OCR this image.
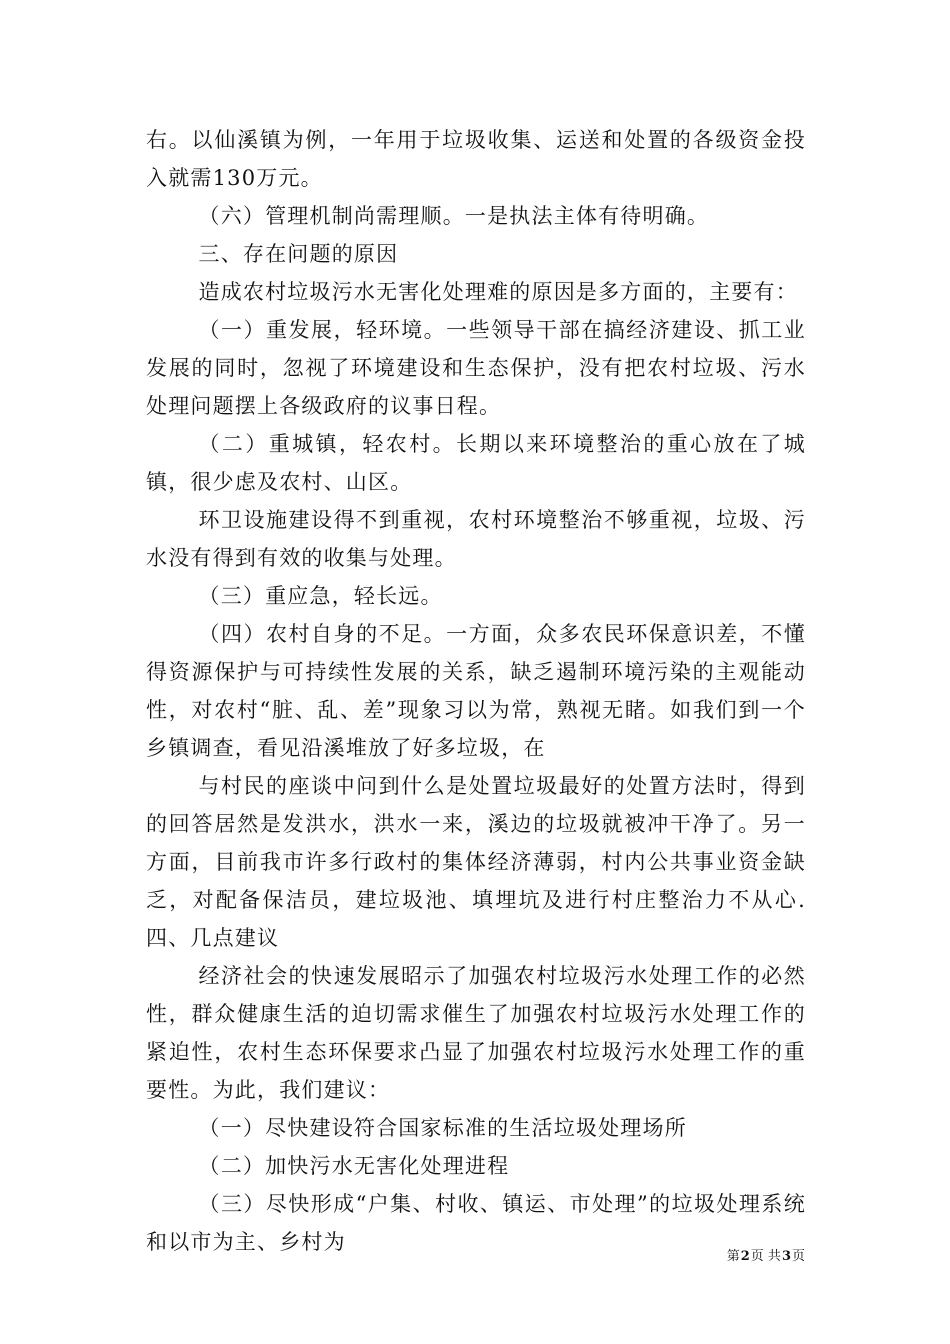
右。以仙溪镇为例，一年用于垃圾收集、运送和处置的各级资金投入就需130万元。

（六）管理机制尚需理顺。一是执法主体有待明确。

三、存在问题的原因

造成农村垃圾污水无害化处理难的原因是多方面的，主要有：

（一）重发展，轻环境。一些领导干部在搞经济建设、抓工业发展的同时，忽视了环境建设和生态保护，没有把农村垃圾、污水处理问题摆上各级政府的议事日程。

（二）重城镇，轻农村。长期以来环境整治的重心放在了城镇，很少虑及农村、山区。

环卫设施建设得不到重视，农村环境整治不够重视，垃圾、污水没有得到有效的收集与处理。

（三）重应急，轻长远。

（四）农村自身的不足。一方面，众多农民环保意识差，不懂得资源保护与可持续性发展的关系，缺乏遏制环境污染的主观能动性，对农村“脏、乱、差”现象习以为常，熟视无睹。如我们到一个乡镇调查，看见沿溪堆放了好多垃圾，在

与村民的座谈中问到什么是处置垃圾最好的处置方法时，得到的回答居然是发洪水，洪水一来，溪边的垃圾就被冲干净了。另一方面，目前我市许多行政村的集体经济薄弱，村内公共事业资金缺乏，对配备保洁员，建垃圾池、填埋坑及进行村庄整治力不从心.四、几点建议

经济社会的快速发展昭示了加强农村垃圾污水处理工作的必然性，群众健康生活的迫切需求催生了加强农村垃圾污水处理工作的紧迫性，农村生态环保要求凸显了加强农村垃圾污水处理工作的重要性。为此，我们建议：

（一）尽快建设符合国家标准的生活垃圾处理场所

（二）加快污水无害化处理进程

（三）尽快形成“户集、村收、镇运、市处理”的垃圾处理系统和以市为主、乡村为

第2页 共3页
